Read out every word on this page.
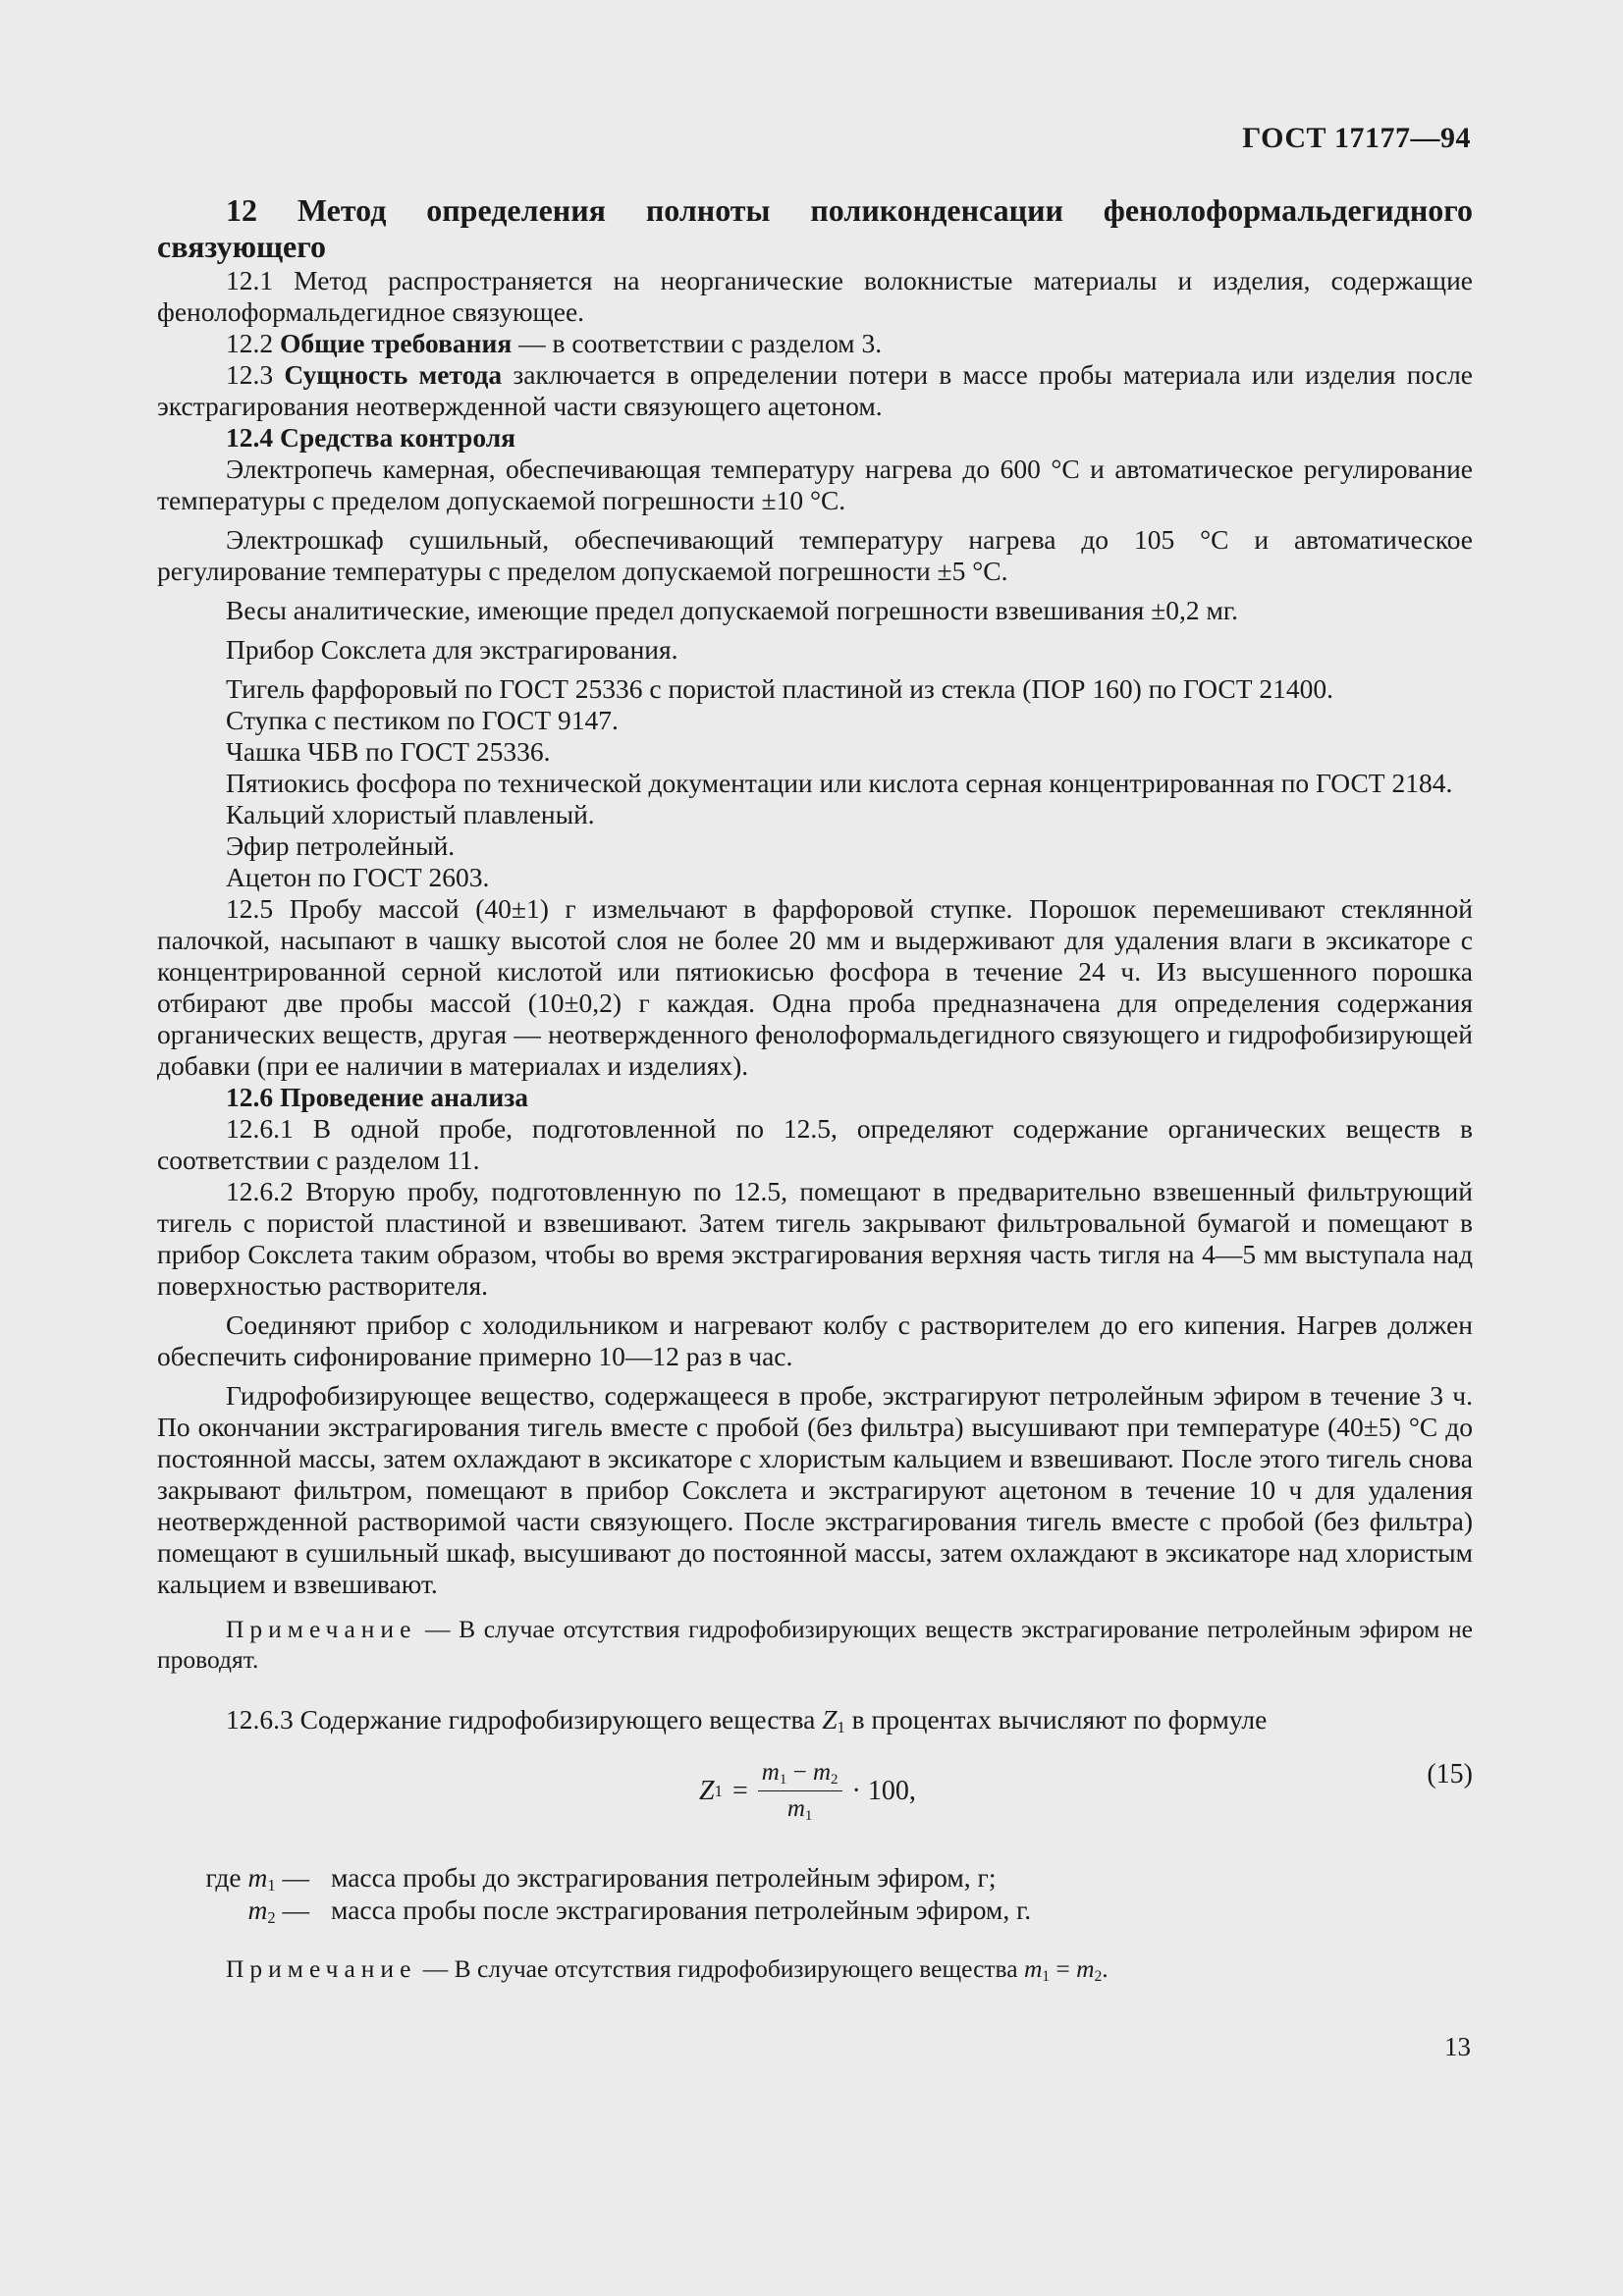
ГОСТ 17177—94

12 Метод определения полноты поликонденсации фенолоформальдегидного связующего

12.1 Метод распространяется на неорганические волокнистые материалы и изделия, содержащие фенолоформальдегидное связующее.

12.2 Общие требования — в соответствии с разделом 3.

12.3 Сущность метода заключается в определении потери в массе пробы материала или изделия после экстрагирования неотвержденной части связующего ацетоном.

12.4 Средства контроля

Электропечь камерная, обеспечивающая температуру нагрева до 600 °С и автоматическое регулирование температуры с пределом допускаемой погрешности ±10 °С.

Электрошкаф сушильный, обеспечивающий температуру нагрева до 105 °С и автоматическое регулирование температуры с пределом допускаемой погрешности ±5 °С.

Весы аналитические, имеющие предел допускаемой погрешности взвешивания ±0,2 мг.

Прибор Сокслета для экстрагирования.

Тигель фарфоровый по ГОСТ 25336 с пористой пластиной из стекла (ПОР 160) по ГОСТ 21400.

Ступка с пестиком по ГОСТ 9147.

Чашка ЧБВ по ГОСТ 25336.

Пятиокись фосфора по технической документации или кислота серная концентрированная по ГОСТ 2184.

Кальций хлористый плавленый.

Эфир петролейный.

Ацетон по ГОСТ 2603.

12.5 Пробу массой (40±1) г измельчают в фарфоровой ступке. Порошок перемешивают стеклянной палочкой, насыпают в чашку высотой слоя не более 20 мм и выдерживают для удаления влаги в эксикаторе с концентрированной серной кислотой или пятиокисью фосфора в течение 24 ч. Из высушенного порошка отбирают две пробы массой (10±0,2) г каждая. Одна проба предназначена для определения содержания органических веществ, другая — неотвержденного фенолоформальдегидного связующего и гидрофобизирующей добавки (при ее наличии в материалах и изделиях).

12.6 Проведение анализа

12.6.1 В одной пробе, подготовленной по 12.5, определяют содержание органических веществ в соответствии с разделом 11.

12.6.2 Вторую пробу, подготовленную по 12.5, помещают в предварительно взвешенный фильтрующий тигель с пористой пластиной и взвешивают. Затем тигель закрывают фильтровальной бумагой и помещают в прибор Сокслета таким образом, чтобы во время экстрагирования верхняя часть тигля на 4—5 мм выступала над поверхностью растворителя.

Соединяют прибор с холодильником и нагревают колбу с растворителем до его кипения. Нагрев должен обеспечить сифонирование примерно 10—12 раз в час.

Гидрофобизирующее вещество, содержащееся в пробе, экстрагируют петролейным эфиром в течение 3 ч. По окончании экстрагирования тигель вместе с пробой (без фильтра) высушивают при температуре (40±5) °С до постоянной массы, затем охлаждают в эксикаторе с хлористым кальцием и взвешивают. После этого тигель снова закрывают фильтром, помещают в прибор Сокслета и экстрагируют ацетоном в течение 10 ч для удаления неотвержденной растворимой части связующего. После экстрагирования тигель вместе с пробой (без фильтра) помещают в сушильный шкаф, высушивают до постоянной массы, затем охлаждают в эксикаторе над хлористым кальцием и взвешивают.

Примечание — В случае отсутствия гидрофобизирующих веществ экстрагирование петролейным эфиром не проводят.

12.6.3 Содержание гидрофобизирующего вещества $Z_1$ в процентах вычисляют по формуле

Z $1 = \frac{m_1 - m_2}{m_1} \cdot 100$,
(15)
где $m_1$ — масса пробы до экстрагирования петролейным эфиром, г;
$m_2$ — масса пробы после экстрагирования петролейным эфиром, г.

Примечание — В случае отсутствия гидрофобизирующего вещества $m_1 = m_2$.

13
